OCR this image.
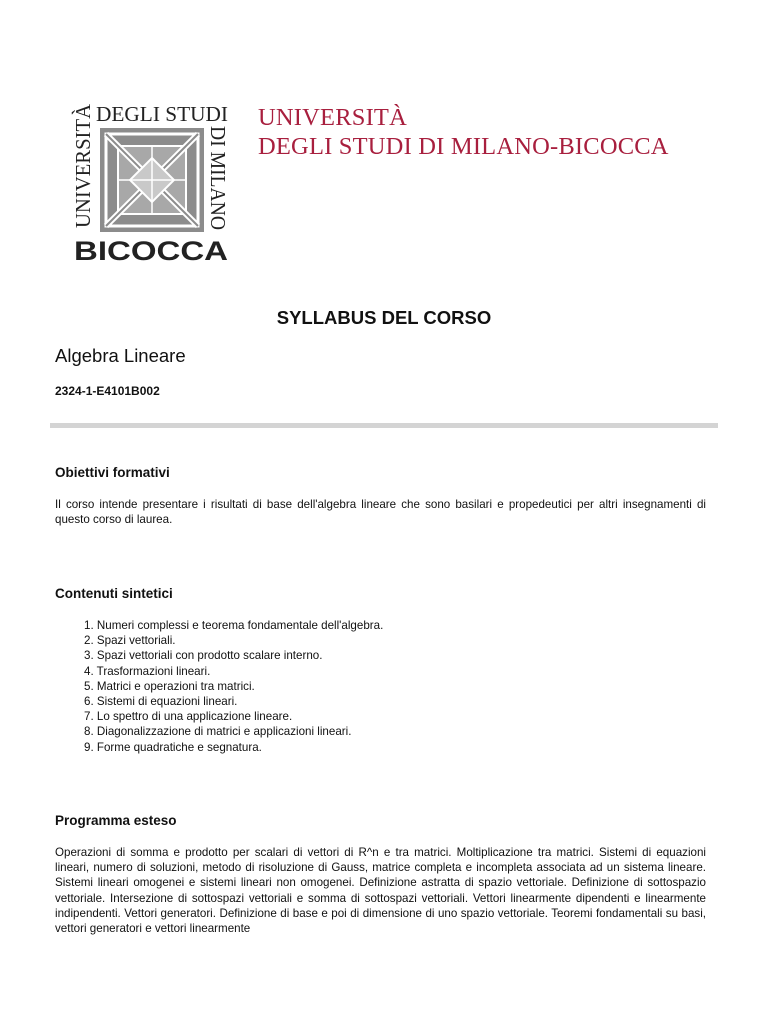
UNIVERSITÀ DEGLI STUDI
DI MILANO
BICOCCA
UNIVERSITÀ
DEGLI STUDI DI MILANO-BICOCCA
SYLLABUS DEL CORSO
Algebra Lineare
2324-1-E4101B002
Obiettivi formativi
Il corso intende presentare i risultati di base dell'algebra lineare che sono basilari e propedeutici per altri insegnamenti di questo corso di laurea.
Contenuti sintetici
1. Numeri complessi e teorema fondamentale dell'algebra.
2. Spazi vettoriali.
3. Spazi vettoriali con prodotto scalare interno.
4. Trasformazioni lineari.
5. Matrici e operazioni tra matrici.
6. Sistemi di equazioni lineari.
7. Lo spettro di una applicazione lineare.
8. Diagonalizzazione di matrici e applicazioni lineari.
9. Forme quadratiche e segnatura.
Programma esteso
Operazioni di somma e prodotto per scalari di vettori di R^n e tra matrici. Moltiplicazione tra matrici. Sistemi di equazioni lineari, numero di soluzioni, metodo di risoluzione di Gauss, matrice completa e incompleta associata ad un sistema lineare. Sistemi lineari omogenei e sistemi lineari non omogenei. Definizione astratta di spazio vettoriale. Definizione di sottospazio vettoriale. Intersezione di sottospazi vettoriali e somma di sottospazi vettoriali. Vettori linearmente dipendenti e linearmente indipendenti. Vettori generatori. Definizione di base e poi di dimensione di uno spazio vettoriale. Teoremi fondamentali su basi, vettori generatori e vettori linearmente
